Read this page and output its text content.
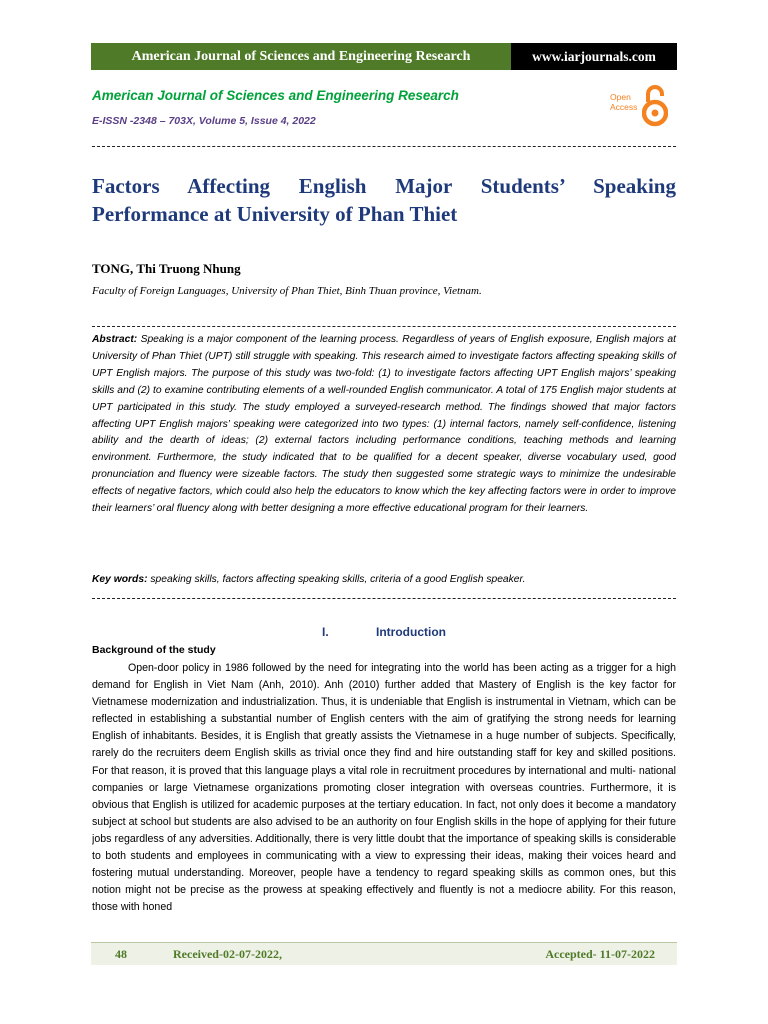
American Journal of Sciences and Engineering Research	www.iarjournals.com
American Journal of Sciences and Engineering Research
E-ISSN -2348 – 703X, Volume 5, Issue 4, 2022
Open
Access
Factors Affecting English Major Students’ Speaking Performance at University of Phan Thiet
TONG, Thi Truong Nhung
Faculty of Foreign Languages, University of Phan Thiet, Binh Thuan province, Vietnam.
Abstract: Speaking is a major component of the learning process. Regardless of years of English exposure, English majors at University of Phan Thiet (UPT) still struggle with speaking. This research aimed to investigate factors affecting speaking skills of UPT English majors. The purpose of this study was two-fold: (1) to investigate factors affecting UPT English majors’ speaking skills and (2) to examine contributing elements of a well-rounded English communicator. A total of 175 English major students at UPT participated in this study. The study employed a surveyed-research method. The findings showed that major factors affecting UPT English majors’ speaking were categorized into two types: (1) internal factors, namely self-confidence, listening ability and the dearth of ideas; (2) external factors including performance conditions, teaching methods and learning environment. Furthermore, the study indicated that to be qualified for a decent speaker, diverse vocabulary used, good pronunciation and fluency were sizeable factors. The study then suggested some strategic ways to minimize the undesirable effects of negative factors, which could also help the educators to know which the key affecting factors were in order to improve their learners’ oral fluency along with better designing a more effective educational program for their learners.
Key words: speaking skills, factors affecting speaking skills, criteria of a good English speaker.
I.	Introduction
Background of the study
Open-door policy in 1986 followed by the need for integrating into the world has been acting as a trigger for a high demand for English in Viet Nam (Anh, 2010). Anh (2010) further added that Mastery of English is the key factor for Vietnamese modernization and industrialization. Thus, it is undeniable that English is instrumental in Vietnam, which can be reflected in establishing a substantial number of English centers with the aim of gratifying the strong needs for learning English of inhabitants. Besides, it is English that greatly assists the Vietnamese in a huge number of subjects. Specifically, rarely do the recruiters deem English skills as trivial once they find and hire outstanding staff for key and skilled positions. For that reason, it is proved that this language plays a vital role in recruitment procedures by international and multi- national companies or large Vietnamese organizations promoting closer integration with overseas countries. Furthermore, it is obvious that English is utilized for academic purposes at the tertiary education. In fact, not only does it become a mandatory subject at school but students are also advised to be an authority on four English skills in the hope of applying for their future jobs regardless of any adversities. Additionally, there is very little doubt that the importance of speaking skills is considerable to both students and employees in communicating with a view to expressing their ideas, making their voices heard and fostering mutual understanding. Moreover, people have a tendency to regard speaking skills as common ones, but this notion might not be precise as the prowess at speaking effectively and fluently is not a mediocre ability. For this reason, those with honed
48	Received-02-07-2022,	Accepted- 11-07-2022
